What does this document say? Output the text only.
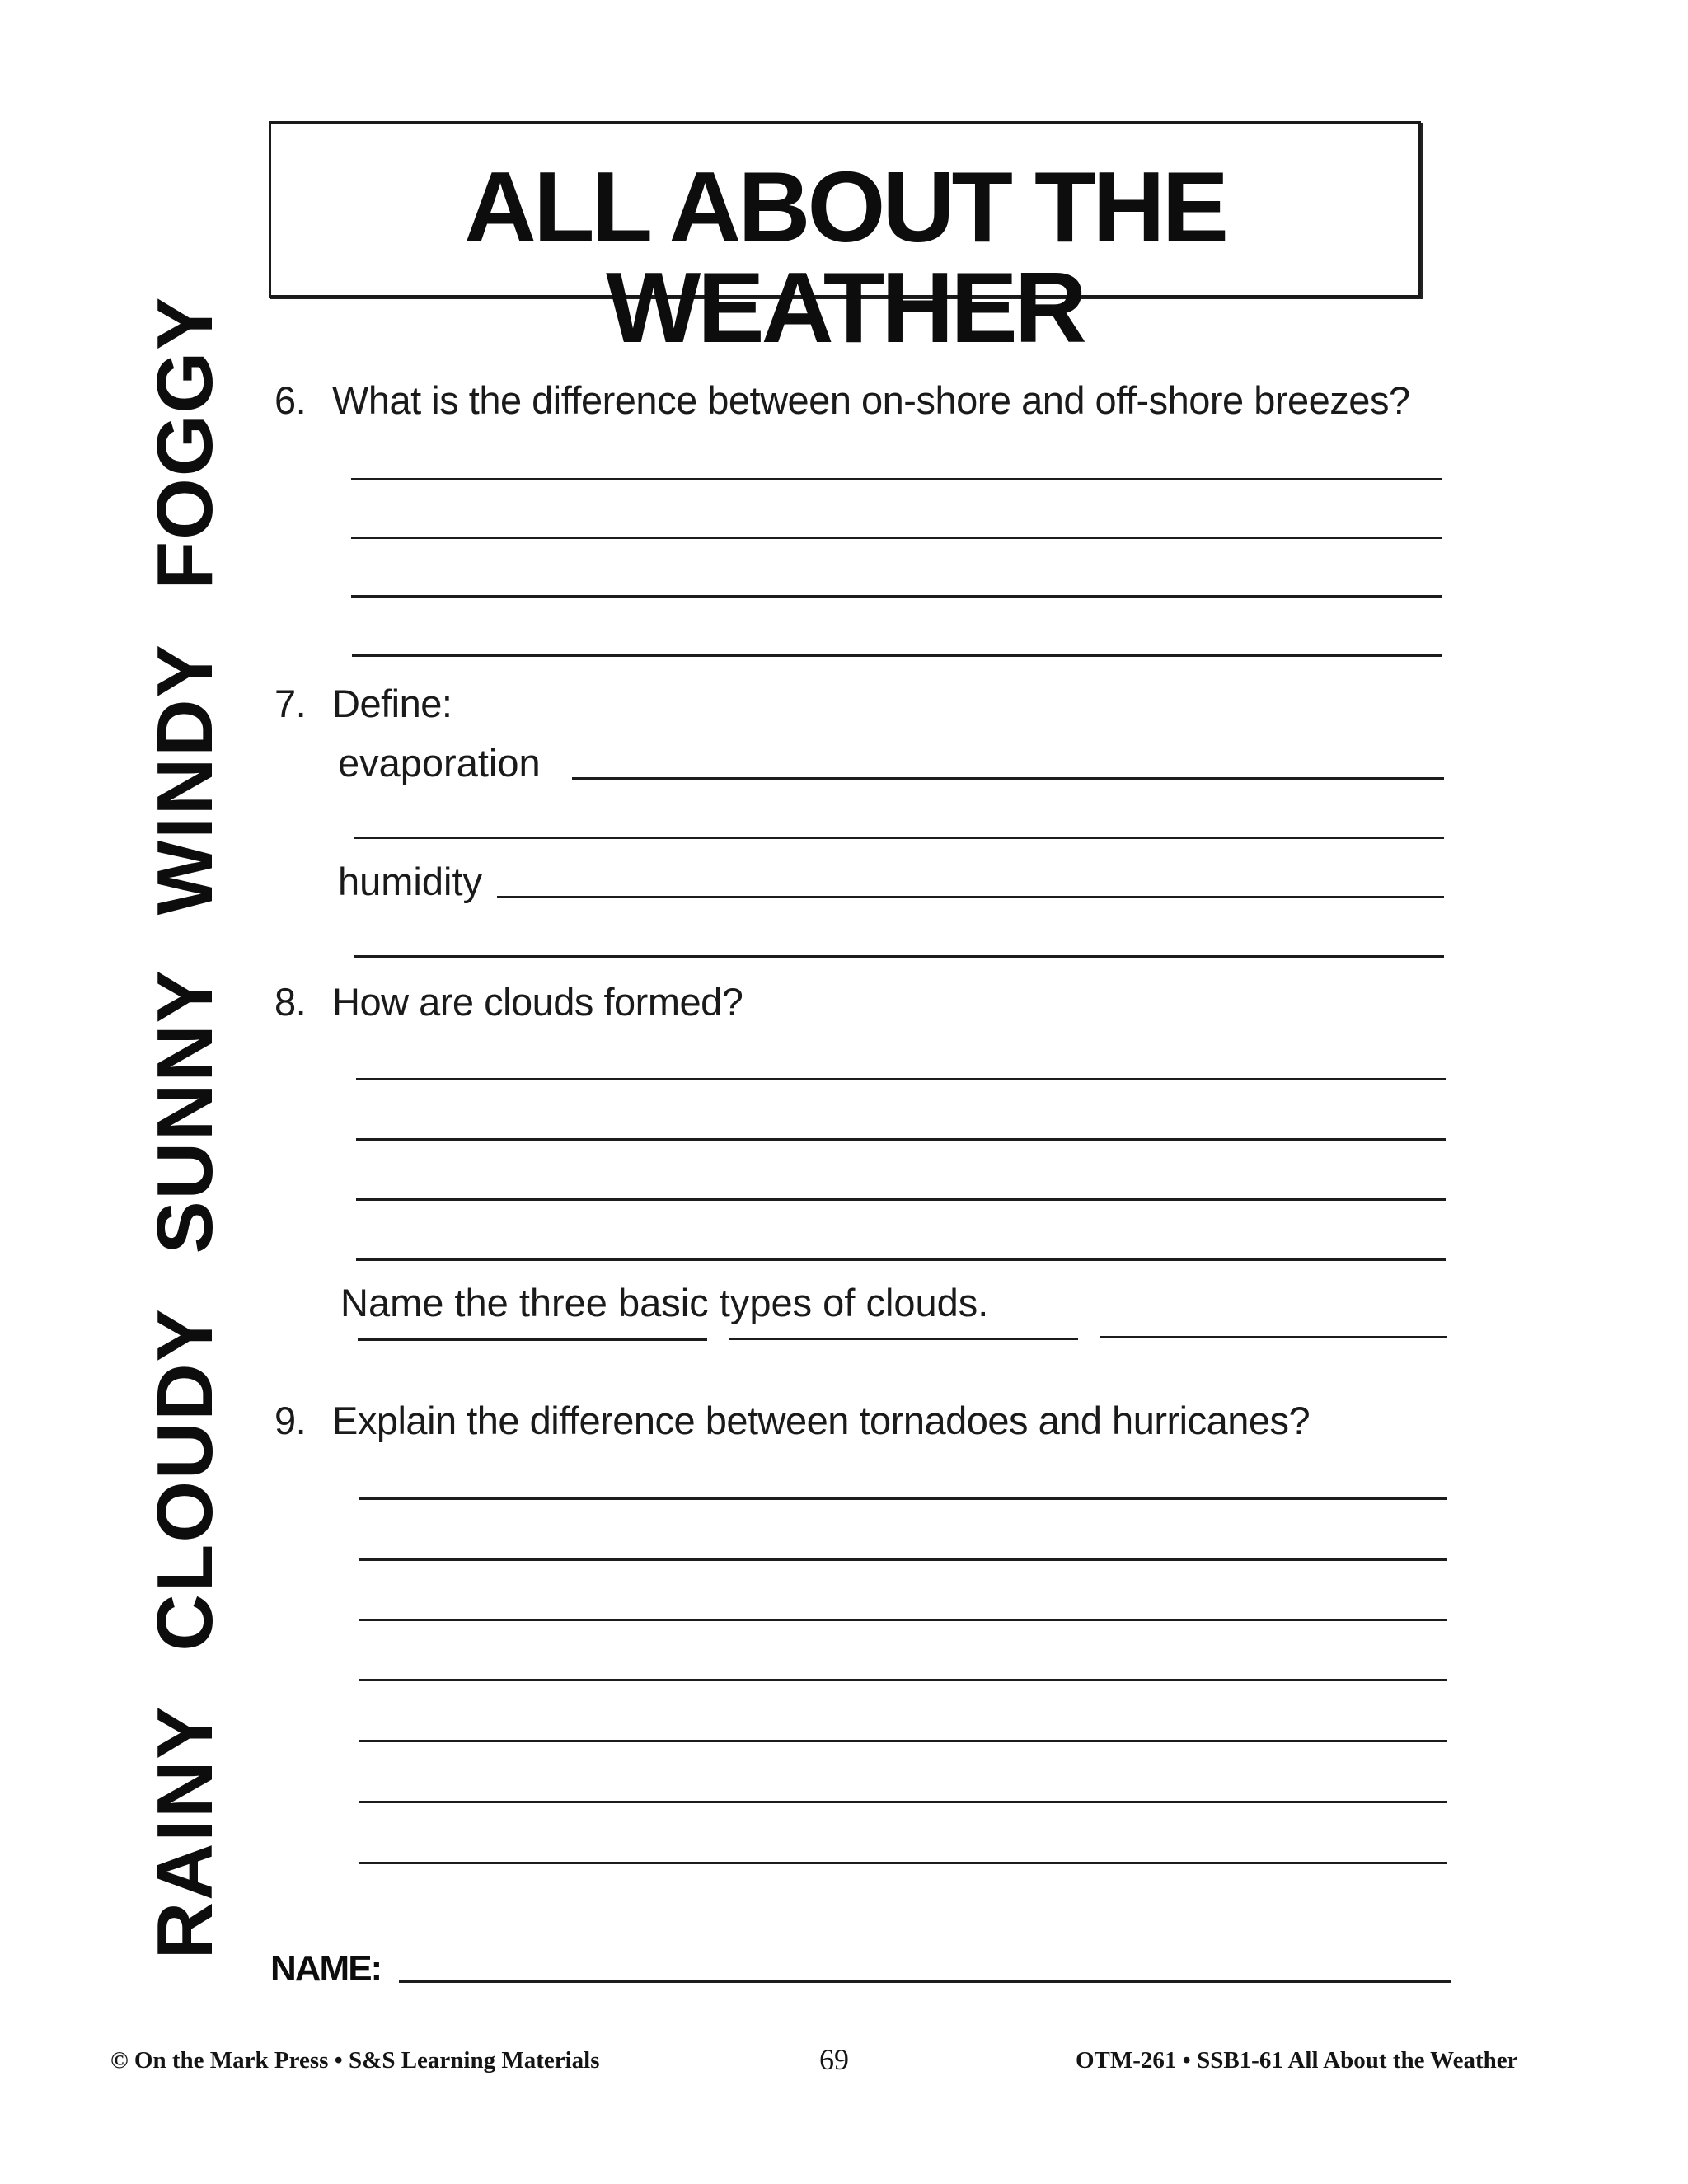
ALL ABOUT THE WEATHER
RAINY CLOUDY SUNNY WINDY FOGGY 6. What is the difference between on-shore and off-shore breezes?
7. Define:
evaporation
humidity
8. How are clouds formed?
Name the three basic types of clouds.
9. Explain the difference between tornadoes and hurricanes?
NAME:
© On the Mark Press • S&S Learning Materials	69	OTM-261 • SSB1-61 All About the Weather
